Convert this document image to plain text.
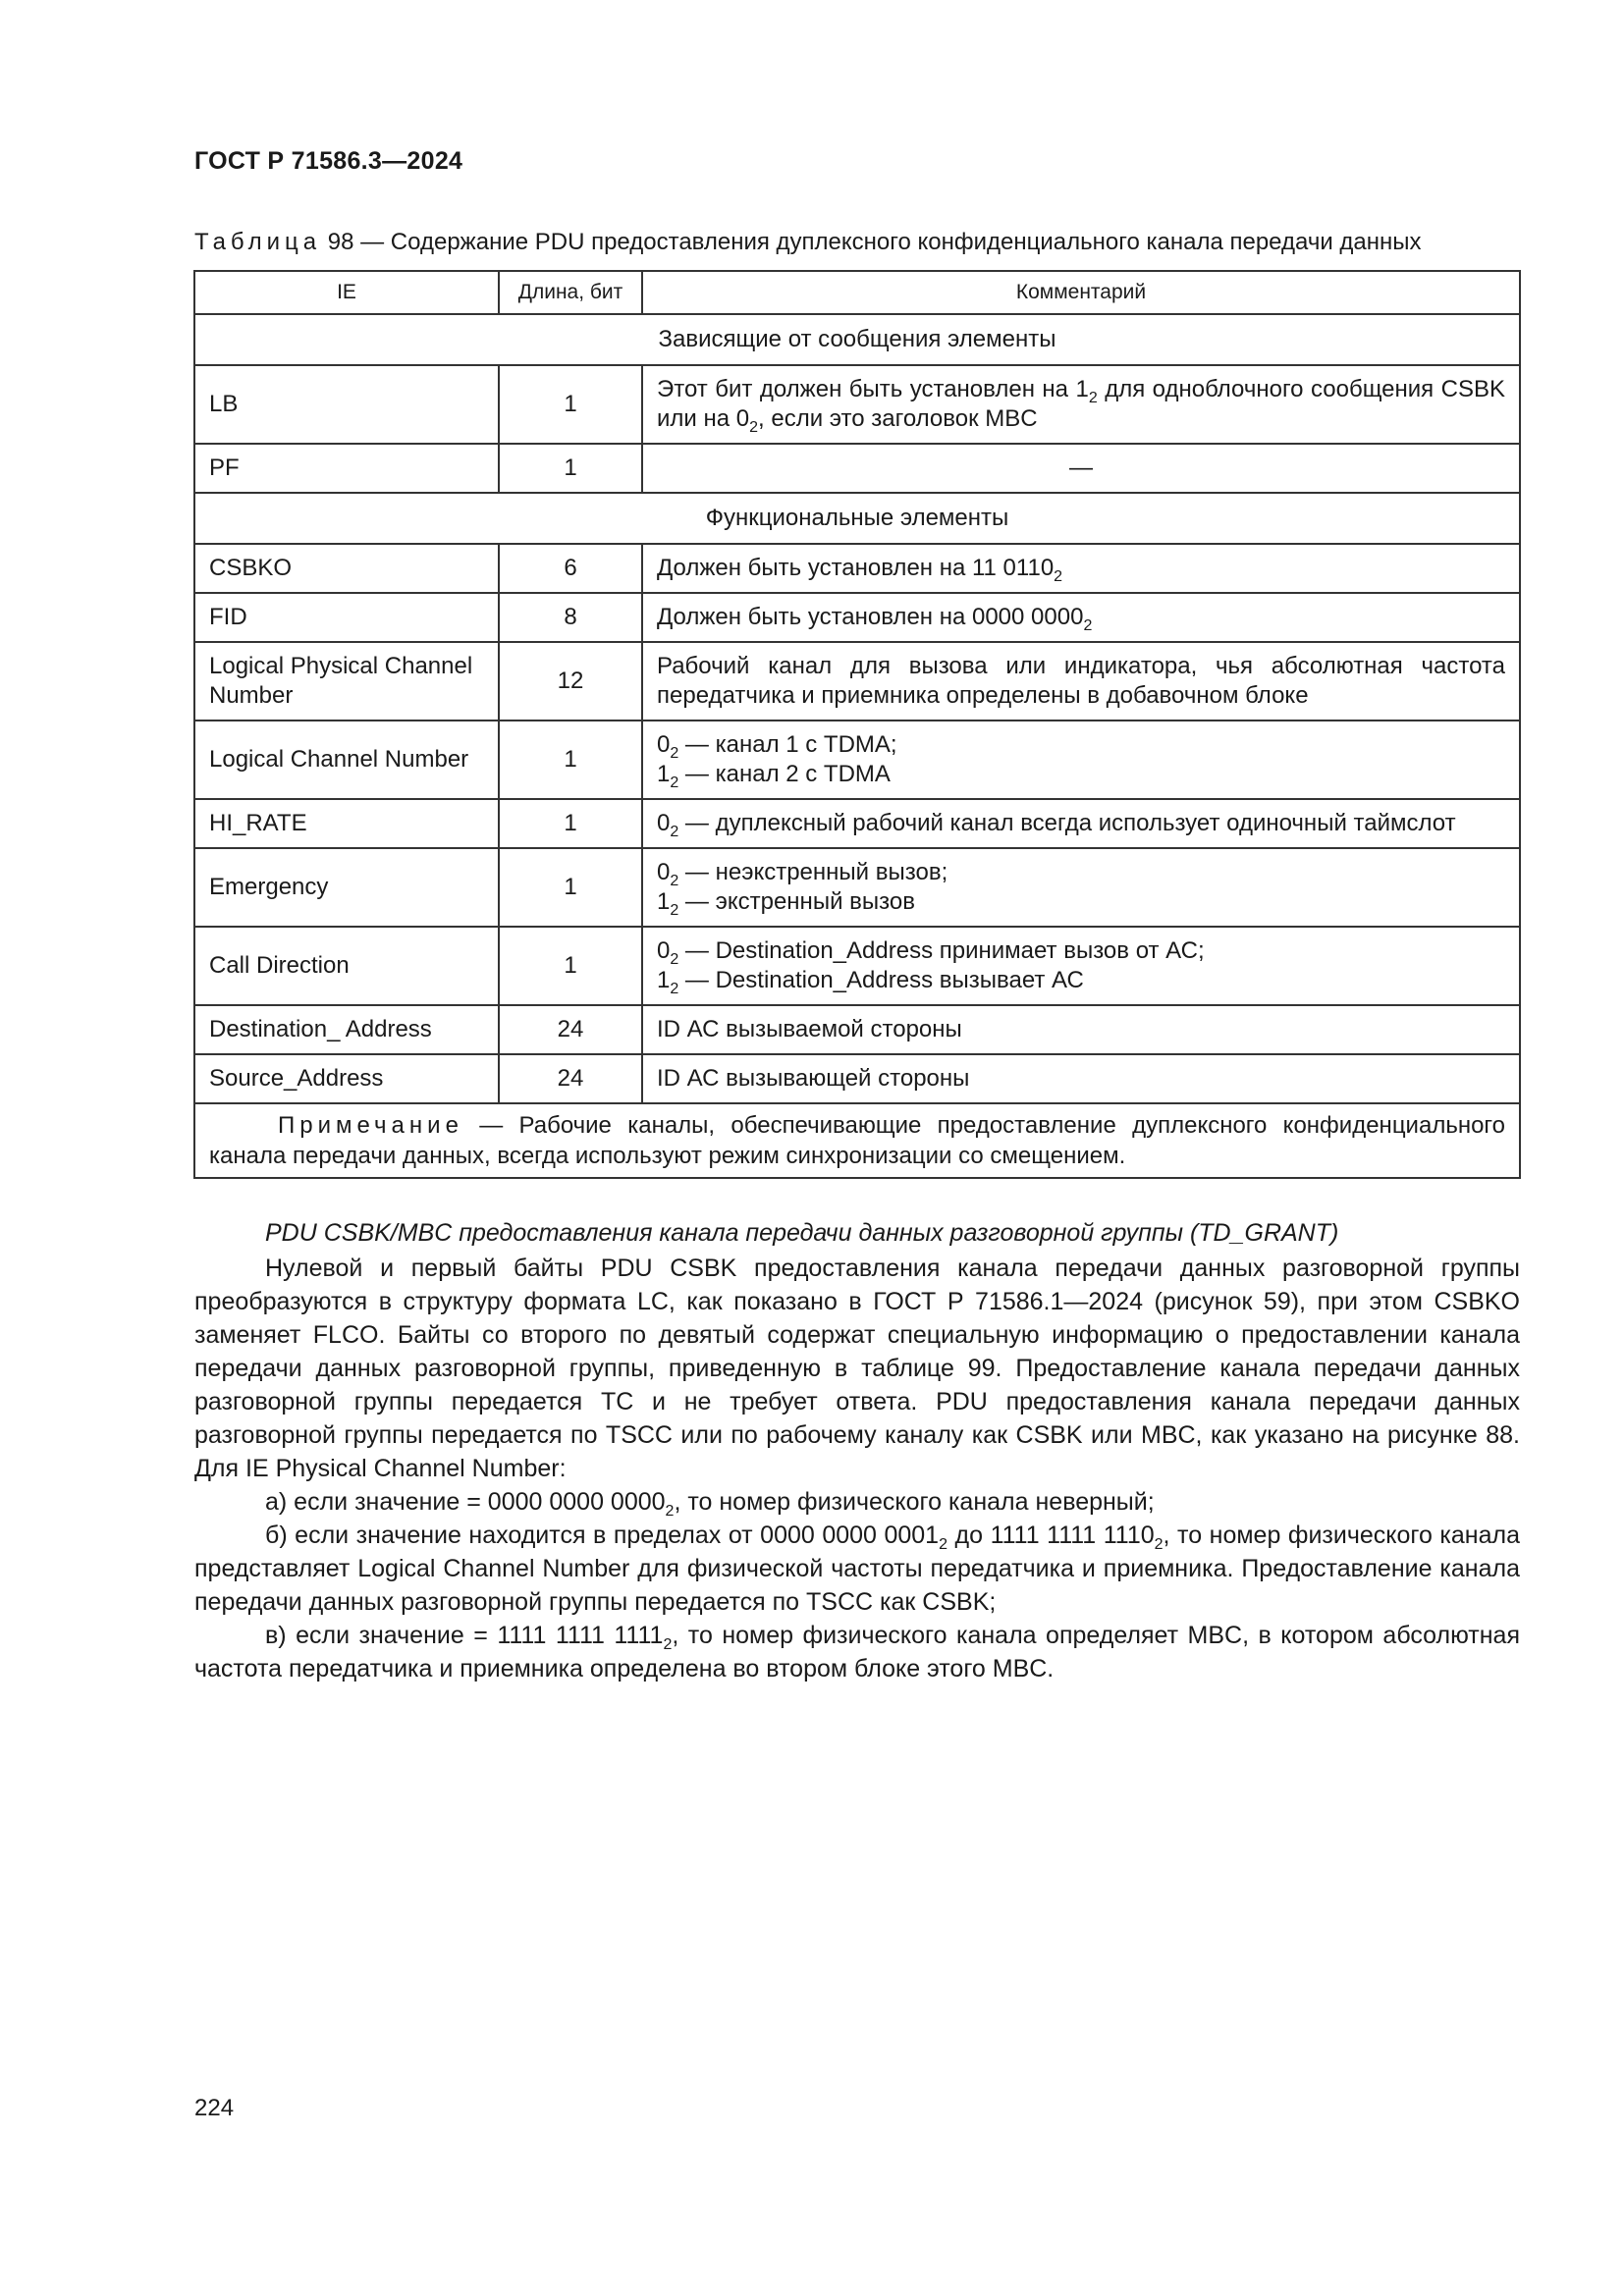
ГОСТ Р 71586.3—2024
Таблица 98 — Содержание PDU предоставления дуплексного конфиденциального канала передачи данных
IE	Длина, бит	Комментарий
Зависящие от сообщения элементы		
LB	1	Этот бит должен быть установлен на $1_2$ для одноблочного сообщения CSBK или на $0_2$, если это заголовок MBC
PF	1	—
Функциональные элементы		
CSBKO	6	Должен быть установлен на 11 $0110_2$
FID	8	Должен быть установлен на 0000 $0000_2$
Logical Physical Channel Number	12	Рабочий канал для вызова или индикатора, чья абсолютная частота передатчика и приемника определены в добавочном блоке
Logical Channel Number	1	$0_2$ — канал 1 с TDMA;
$1_2$ — канал 2 с TDMA

HI_RATE	1	$0_2$ — дуплексный рабочий канал всегда использует одиночный таймслот
Emergency	1	$0_2$ — неэкстренный вызов;
$1_2$ — экстренный вызов

Call Direction	1	$0_2$ — Destination_Address принимает вызов от АС;
$1_2$ — Destination_Address вызывает АС

Destination_ Address	24	ID АС вызываемой стороны
Source_Address	24	ID АС вызывающей стороны
Примечание — Рабочие каналы, обеспечивающие предоставление дуплексного конфиденциального канала передачи данных, всегда используют режим синхронизации со смещением.		
PDU CSBK/MBC предоставления канала передачи данных разговорной группы (TD_GRANT)

Нулевой и первый байты PDU CSBK предоставления канала передачи данных разговорной группы преобразуются в структуру формата LC, как показано в ГОСТ Р 71586.1—2024 (рисунок 59), при этом CSBKO заменяет FLCO. Байты со второго по девятый содержат специальную информацию о предоставлении канала передачи данных разговорной группы, приведенную в таблице 99. Предоставление канала передачи данных разговорной группы передается ТС и не требует ответа. PDU предоставления канала передачи данных разговорной группы передается по TSCC или по рабочему каналу как CSBK или MBC, как указано на рисунке 88. Для IE Physical Channel Number:

а) если значение = 0000 0000 $0000_2$, то номер физического канала неверный;

б) если значение находится в пределах от 0000 0000 $0001_2$ до 1111 1111 $1110_2$, то номер физического канала представляет Logical Channel Number для физической частоты передатчика и приемника. Предоставление канала передачи данных разговорной группы передается по TSCC как CSBK;

в) если значение = 1111 1111 $1111_2$, то номер физического канала определяет MBC, в котором абсолютная частота передатчика и приемника определена во втором блоке этого MBC.

224
